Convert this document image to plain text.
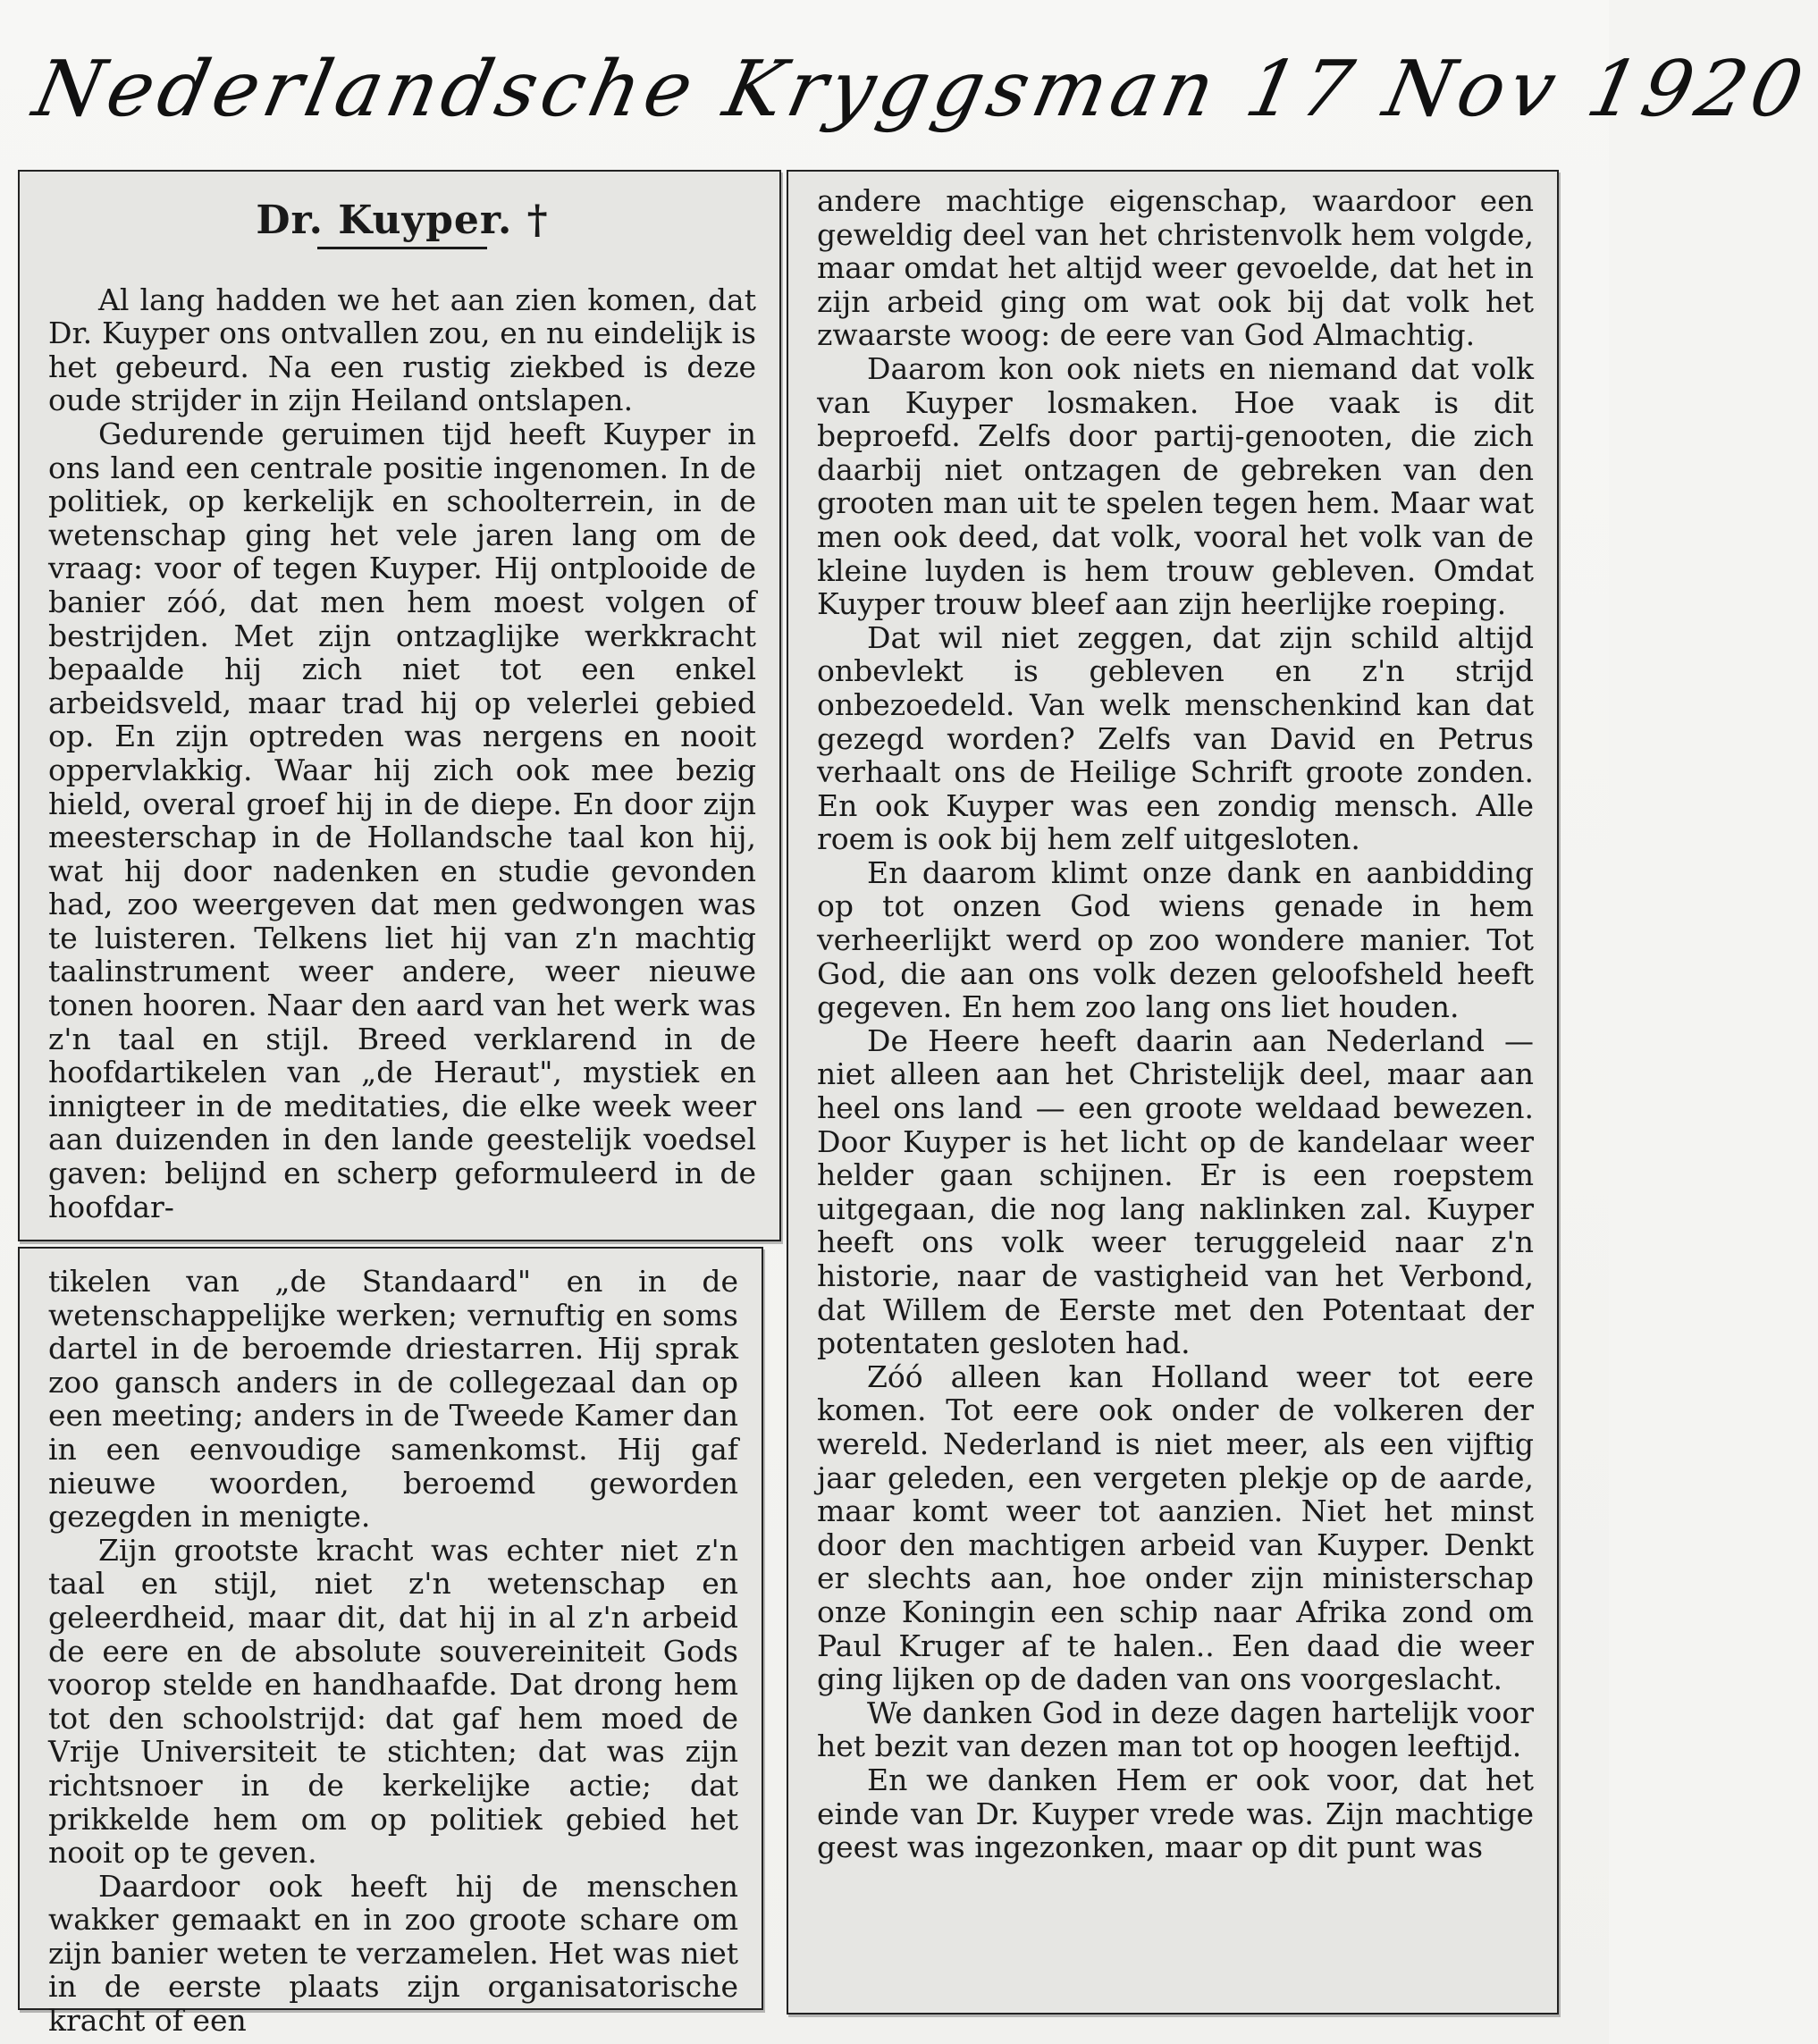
Nederlandsche Kryggsman 17 Nov 1920
Dr. Kuyper. †

Al lang hadden we het aan zien komen, dat Dr. Kuyper ons ontvallen zou, en nu eindelijk is het gebeurd. Na een rustig ziekbed is deze oude strijder in zijn Heiland ontslapen.

Gedurende geruimen tijd heeft Kuyper in ons land een centrale positie ingenomen. In de politiek, op kerkelijk en schoolterrein, in de wetenschap ging het vele jaren lang om de vraag: voor of tegen Kuyper. Hij ontplooide de banier zóó, dat men hem moest volgen of bestrijden. Met zijn ontzaglijke werkkracht bepaalde hij zich niet tot een enkel arbeidsveld, maar trad hij op velerlei gebied op. En zijn optreden was nergens en nooit oppervlakkig. Waar hij zich ook mee bezig hield, overal groef hij in de diepe. En door zijn meesterschap in de Hollandsche taal kon hij, wat hij door nadenken en studie gevonden had, zoo weergeven dat men gedwongen was te luisteren. Telkens liet hij van z'n machtig taalinstrument weer andere, weer nieuwe tonen hooren. Naar den aard van het werk was z'n taal en stijl. Breed verklarend in de hoofdartikelen van „de Heraut", mystiek en innigteer in de meditaties, die elke week weer aan duizenden in den lande geestelijk voedsel gaven: belijnd en scherp geformuleerd in de hoofdar-

tikelen van „de Standaard" en in de wetenschappelijke werken; vernuftig en soms dartel in de beroemde driestarren. Hij sprak zoo gansch anders in de collegezaal dan op een meeting; anders in de Tweede Kamer dan in een eenvoudige samenkomst. Hij gaf nieuwe woorden, beroemd geworden gezegden in menigte.

Zijn grootste kracht was echter niet z'n taal en stijl, niet z'n wetenschap en geleerdheid, maar dit, dat hij in al z'n arbeid de eere en de absolute souvereiniteit Gods voorop stelde en handhaafde. Dat drong hem tot den schoolstrijd: dat gaf hem moed de Vrije Universiteit te stichten; dat was zijn richtsnoer in de kerkelijke actie; dat prikkelde hem om op politiek gebied het nooit op te geven.

Daardoor ook heeft hij de menschen wakker gemaakt en in zoo groote schare om zijn banier weten te verzamelen. Het was niet in de eerste plaats zijn organisatorische kracht of een

andere machtige eigenschap, waardoor een geweldig deel van het christenvolk hem volgde, maar omdat het altijd weer gevoelde, dat het in zijn arbeid ging om wat ook bij dat volk het zwaarste woog: de eere van God Almachtig.

Daarom kon ook niets en niemand dat volk van Kuyper losmaken. Hoe vaak is dit beproefd. Zelfs door partij-genooten, die zich daarbij niet ontzagen de gebreken van den grooten man uit te spelen tegen hem. Maar wat men ook deed, dat volk, vooral het volk van de kleine luyden is hem trouw gebleven. Omdat Kuyper trouw bleef aan zijn heerlijke roeping.

Dat wil niet zeggen, dat zijn schild altijd onbevlekt is gebleven en z'n strijd onbezoedeld. Van welk menschenkind kan dat gezegd worden? Zelfs van David en Petrus verhaalt ons de Heilige Schrift groote zonden. En ook Kuyper was een zondig mensch. Alle roem is ook bij hem zelf uitgesloten.

En daarom klimt onze dank en aanbidding op tot onzen God wiens genade in hem verheerlijkt werd op zoo wondere manier. Tot God, die aan ons volk dezen geloofsheld heeft gegeven. En hem zoo lang ons liet houden.

De Heere heeft daarin aan Nederland — niet alleen aan het Christelijk deel, maar aan heel ons land — een groote weldaad bewezen. Door Kuyper is het licht op de kandelaar weer helder gaan schijnen. Er is een roepstem uitgegaan, die nog lang naklinken zal. Kuyper heeft ons volk weer teruggeleid naar z'n historie, naar de vastigheid van het Verbond, dat Willem de Eerste met den Potentaat der potentaten gesloten had.

Zóó alleen kan Holland weer tot eere komen. Tot eere ook onder de volkeren der wereld. Nederland is niet meer, als een vijftig jaar geleden, een vergeten plekje op de aarde, maar komt weer tot aanzien. Niet het minst door den machtigen arbeid van Kuyper. Denkt er slechts aan, hoe onder zijn ministerschap onze Koningin een schip naar Afrika zond om Paul Kruger af te halen.. Een daad die weer ging lijken op de daden van ons voorgeslacht.

We danken God in deze dagen hartelijk voor het bezit van dezen man tot op hoogen leeftijd.

En we danken Hem er ook voor, dat het einde van Dr. Kuyper vrede was. Zijn machtige geest was ingezonken, maar op dit punt was
